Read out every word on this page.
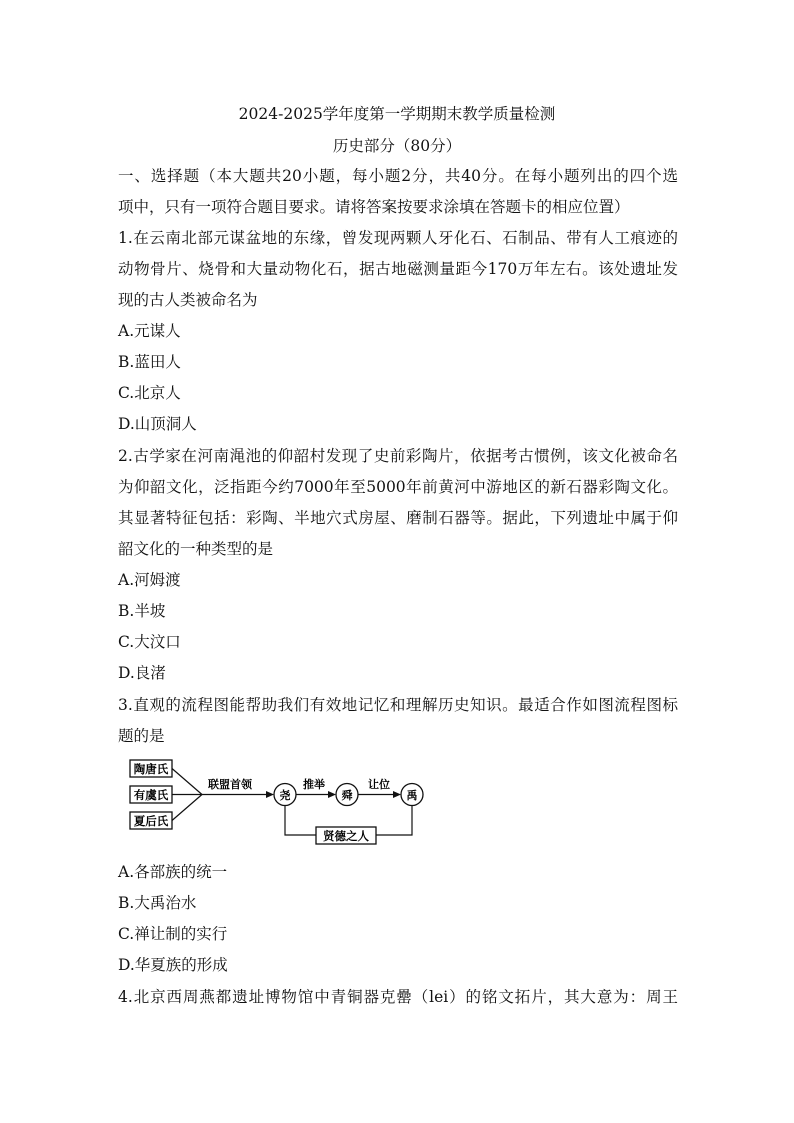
2024-2025学年度第一学期期末教学质量检测
历史部分（80分）
一、选择题（本大题共20小题，每小题2分，共40分。在每小题列出的四个选
项中，只有一项符合题目要求。请将答案按要求涂填在答题卡的相应位置）
1.在云南北部元谋盆地的东缘，曾发现两颗人牙化石、石制品、带有人工痕迹的
动物骨片、烧骨和大量动物化石，据古地磁测量距今170万年左右。该处遗址发
现的古人类被命名为
A.元谋人
B.蓝田人
C.北京人
D.山顶洞人
2.古学家在河南渑池的仰韶村发现了史前彩陶片，依据考古惯例，该文化被命名
为仰韶文化，泛指距今约7000年至5000年前黄河中游地区的新石器彩陶文化。
其显著特征包括：彩陶、半地穴式房屋、磨制石器等。据此，下列遗址中属于仰
韶文化的一种类型的是
A.河姆渡
B.半坡
C.大汶口
D.良渚
3.直观的流程图能帮助我们有效地记忆和理解历史知识。最适合作如图流程图标
题的是
陶唐氏
有虞氏
夏后氏
联盟首领
尧
推举
舜
让位
禹
贤德之人
A.各部族的统一
B.大禹治水
C.禅让制的实行
D.华夏族的形成
4.北京西周燕都遗址博物馆中青铜器克罍（lei）的铭文拓片，其大意为：周王
